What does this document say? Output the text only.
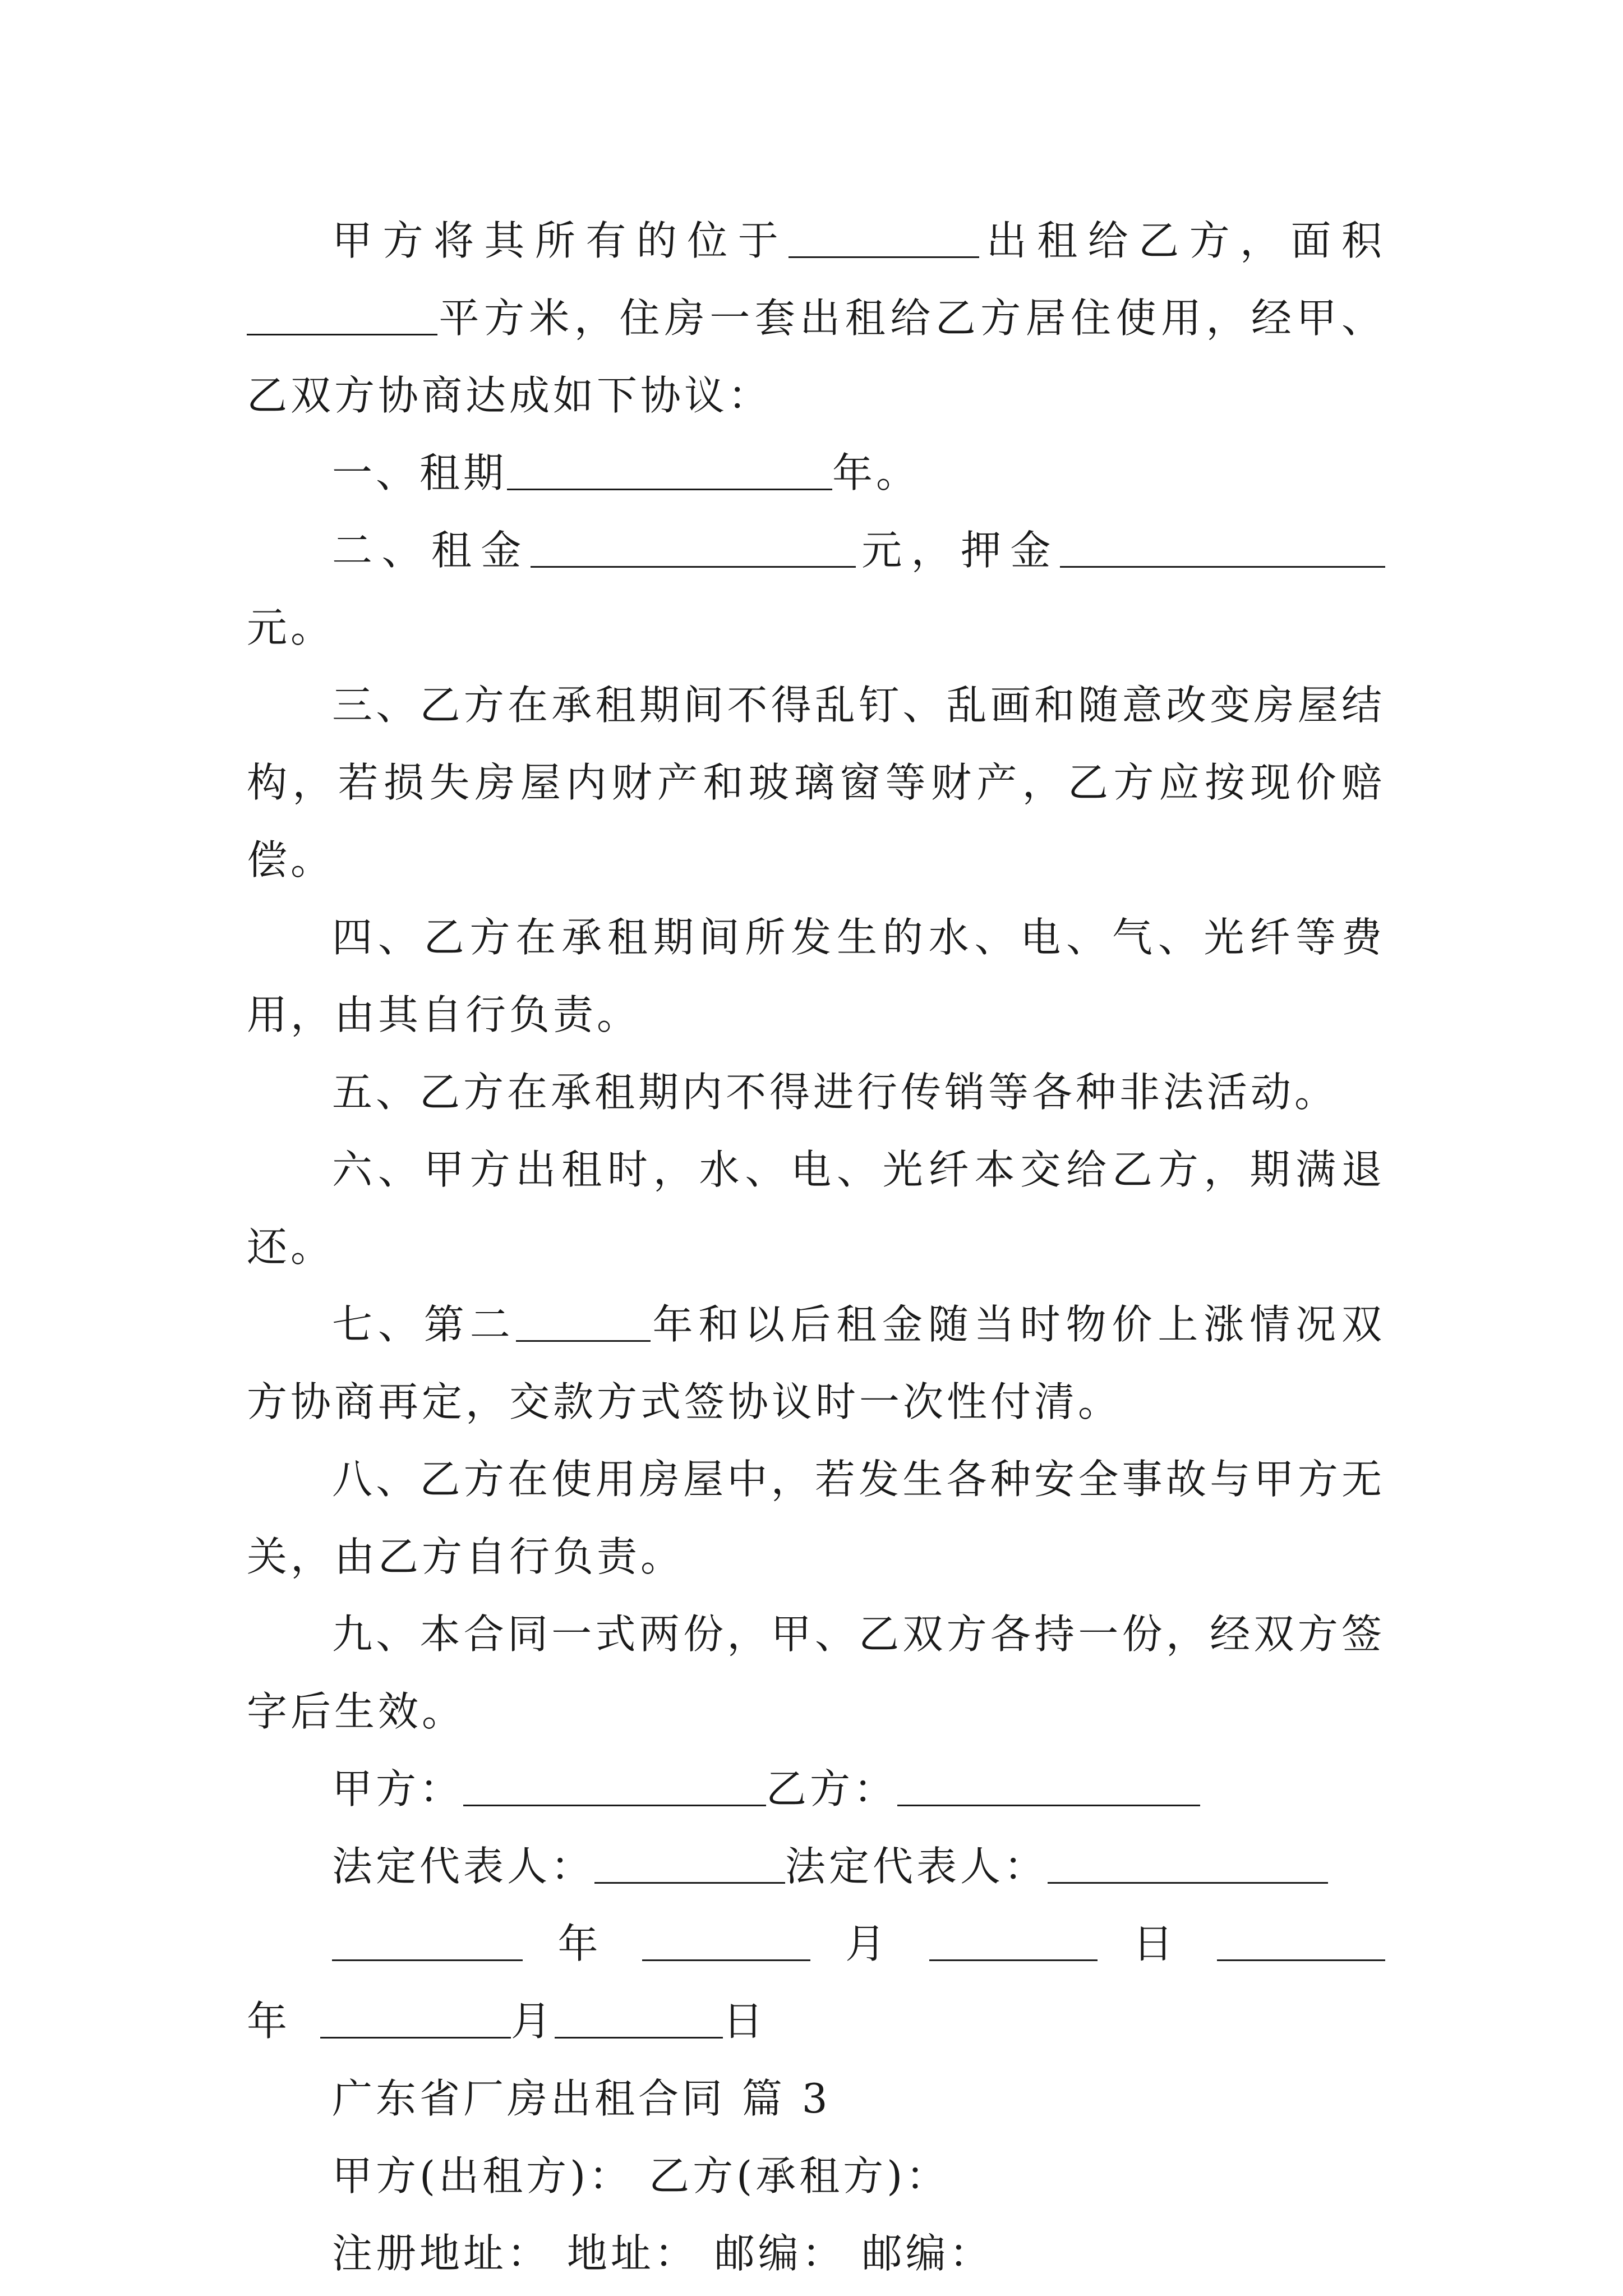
甲方将其所有的位于	出租给乙方，面积平方米，住房一套出租给乙方居住使用，经甲、乙双方协商达成如下协议：

一、租期	年。

二、租金	元，押金元。

三、乙方在承租期间不得乱钉、乱画和随意改变房屋结构，若损失房屋内财产和玻璃窗等财产，乙方应按现价赔偿。

四、乙方在承租期间所发生的水、电、气、光纤等费用，由其自行负责。

五、乙方在承租期内不得进行传销等各种非法活动。

六、甲方出租时，水、电、光纤本交给乙方，期满退还。

七、第二	年和以后租金随当时物价上涨情况双方协商再定，交款方式签协议时一次性付清。

八、乙方在使用房屋中，若发生各种安全事故与甲方无关，由乙方自行负责。

九、本合同一式两份，甲、乙双方各持一份，经双方签字后生效。

甲方：	乙方：

法定代表人：	法定代表人：

年	月	日  年	月	日

广东省厂房出租合同 篇 3

甲方(出租方)： 乙方(承租方)：

注册地址： 地址： 邮编： 邮编：
